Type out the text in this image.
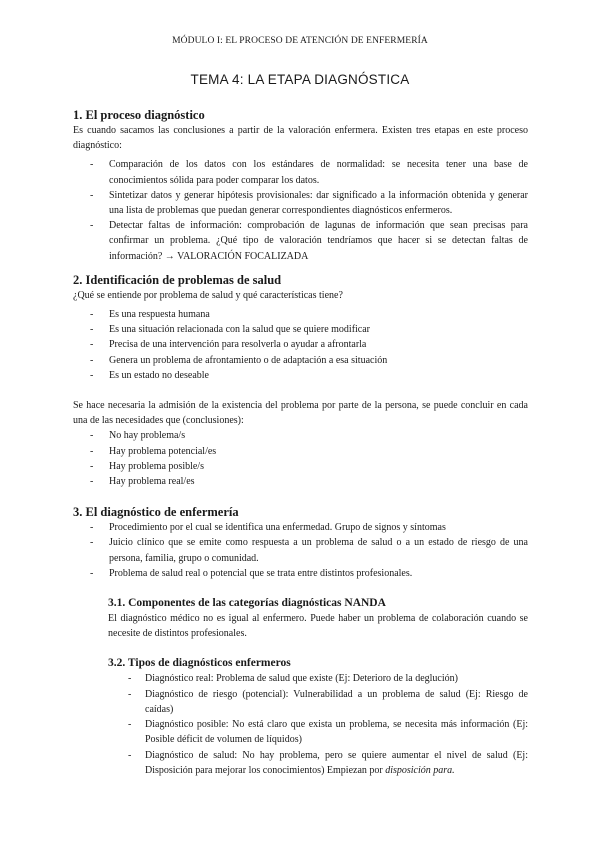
MÓDULO I: EL PROCESO DE ATENCIÓN DE ENFERMERÍA
TEMA 4: LA ETAPA DIAGNÓSTICA
1. El proceso diagnóstico

Es cuando sacamos las conclusiones a partir de la valoración enfermera. Existen tres etapas en este proceso diagnóstico:

- Comparación de los datos con los estándares de normalidad: se necesita tener una base de conocimientos sólida para poder comparar los datos.
- Sintetizar datos y generar hipótesis provisionales: dar significado a la información obtenida y generar una lista de problemas que puedan generar correspondientes diagnósticos enfermeros.
- Detectar faltas de información: comprobación de lagunas de información que sean precisas para confirmar un problema. ¿Qué tipo de valoración tendríamos que hacer si se detectan faltas de información? → VALORACIÓN FOCALIZADA
2. Identificación de problemas de salud

¿Qué se entiende por problema de salud y qué características tiene?

- Es una respuesta humana
- Es una situación relacionada con la salud que se quiere modificar
- Precisa de una intervención para resolverla o ayudar a afrontarla
- Genera un problema de afrontamiento o de adaptación a esa situación
- Es un estado no deseable

Se hace necesaria la admisión de la existencia del problema por parte de la persona, se puede concluir en cada una de las necesidades que (conclusiones):

- No hay problema/s
- Hay problema potencial/es
- Hay problema posible/s
- Hay problema real/es
3. El diagnóstico de enfermería
- Procedimiento por el cual se identifica una enfermedad. Grupo de signos y síntomas
- Juicio clínico que se emite como respuesta a un problema de salud o a un estado de riesgo de una persona, familia, grupo o comunidad.
- Problema de salud real o potencial que se trata entre distintos profesionales.
3.1. Componentes de las categorías diagnósticas NANDA

El diagnóstico médico no es igual al enfermero. Puede haber un problema de colaboración cuando se necesite de distintos profesionales.

3.2. Tipos de diagnósticos enfermeros
- Diagnóstico real: Problema de salud que existe (Ej: Deterioro de la deglución)
- Diagnóstico de riesgo (potencial): Vulnerabilidad a un problema de salud (Ej: Riesgo de caídas)
- Diagnóstico posible: No está claro que exista un problema, se necesita más información (Ej: Posible déficit de volumen de líquidos)
- Diagnóstico de salud: No hay problema, pero se quiere aumentar el nivel de salud (Ej: Disposición para mejorar los conocimientos) Empiezan por disposición para.
